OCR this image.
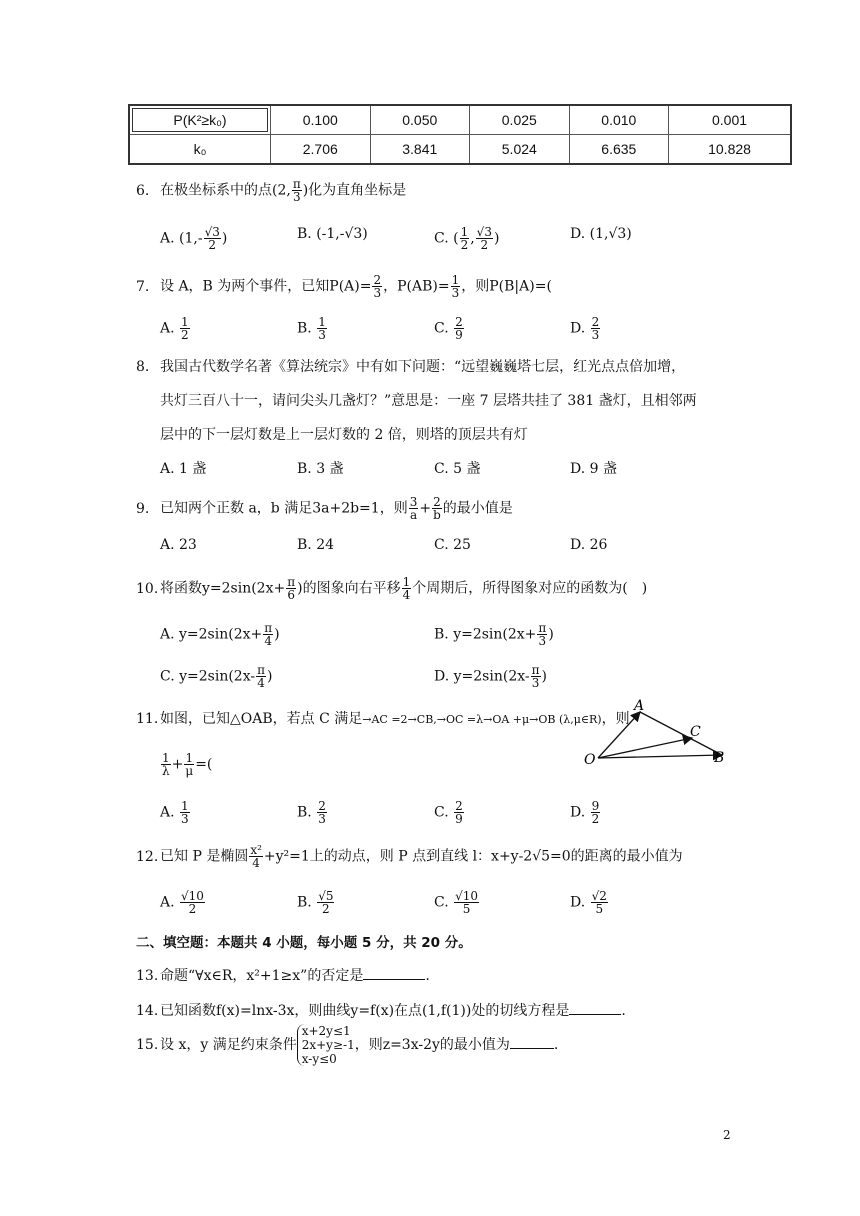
P(K²≥k₀)	0.100	0.050	0.025	0.010	0.001
k₀	2.706	3.841	5.024	6.635	10.828
6. 在极坐标系中的点(2, $\frac{\pi}{3}$ )化为直角坐标是
A. ($1,- \frac{√3}{2}$ )	B. (-1,-√3)	C. ( $\frac{1}{2}$ , $\frac{√3}{2}$ )	D. (1,√3)
7. 设 A，B 为两个事件，已知$P(A)= \frac{2}{3}$ ，$P(AB)= \frac{1}{3}$ ，则P(B|A)=(
A. $\frac{1}{2}$	B. $\frac{1}{3}$	C. $\frac{2}{9}$	D. $\frac{2}{3}$
8. 我国古代数学名著《算法统宗》中有如下问题：“远望巍巍塔七层，红光点点倍加增，
共灯三百八十一，请问尖头几盏灯？”意思是：一座 7 层塔共挂了 381 盏灯，且相邻两
层中的下一层灯数是上一层灯数的 2 倍，则塔的顶层共有灯
A. 1 盏	B. 3 盏	C. 5 盏	D. 9 盏
9. 已知两个正数 a，b 满足3a+2b=1，则 $\frac{3}{a} + \frac{2}{b}$ 的最小值是
A. 23	B. 24	C. 25	D. 26
10. 将函数$y=2\sin(2x+ \frac{\pi}{6}$ )的图象向右平移 $\frac{1}{4}$ 个周期后，所得图象对应的函数为(　)
A. $y=2\sin(2x+ \frac{\pi}{4}$ )	B. $y=2\sin(2x+ \frac{\pi}{3}$ )
C. $y=2\sin(2x- \frac{\pi}{4}$ )	D. $y=2\sin(2x- \frac{\pi}{3}$ )
11. 如图，已知△OAB，若点 C 满足→AC =2→CB,→OC =λ→OA +μ→OB (λ,μ∈R)，则
$\frac{1}{\lambda} + \frac{1}{\mu}$ =(	O
A
C
B
A. $\frac{1}{3}$	B. $\frac{2}{3}$	C. $\frac{2}{9}$	D. $\frac{9}{2}$
12. 已知 P 是椭圆 $\frac{\text{x²}}{4} +y^2=1$上的动点，则 P 点到直线 l：x+y-2√5=0的距离的最小值为
A. $\frac{√10}{2}$	B. $\frac{√5}{2}$	C. $\frac{√10}{5}$	D. $\frac{√2}{5}$
二、填空题：本题共 4 小题，每小题 5 分，共 20 分。
13. 命题“∀x∈R，x²+1≥x”的否定是	.
14. 已知函数f(x)=lnx-3x，则曲线y=f(x)在点(1,f(1))处的切线方程是	.
15. 设 x，y 满足约束条件
x+2y≤1
2x+y≥-1
x-y≤0
，则z=3x-2y的最小值为	.
2
